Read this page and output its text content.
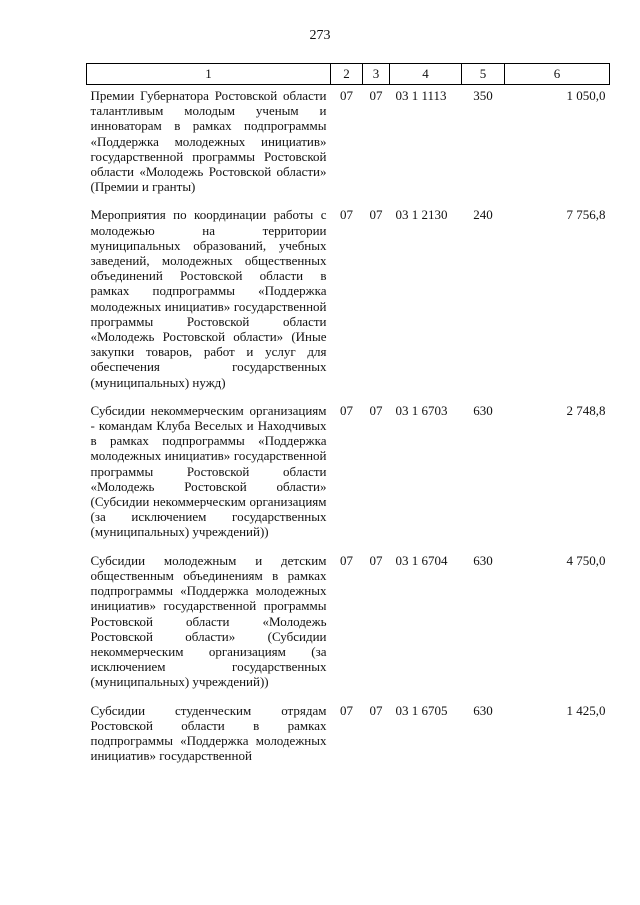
273
1	2	3	4	5	6
Премии Губернатора Ростовской области талантливым молодым ученым и инноваторам в рамках подпрограммы «Поддержка молодежных инициатив» государственной программы Ростовской области «Молодежь Ростовской области» (Премии и гранты)	07	07	03 1 1113	350	1 050,0
Мероприятия по координации работы с молодежью на территории муниципальных образований, учебных заведений, молодежных общественных объединений Ростовской области в рамках подпрограммы «Поддержка молодежных инициатив» государственной программы Ростовской области «Молодежь Ростовской области» (Иные закупки товаров, работ и услуг для обеспечения государственных (муниципальных) нужд)	07	07	03 1 2130	240	7 756,8
Субсидии некоммерческим организациям - командам Клуба Веселых и Находчивых в рамках подпрограммы «Поддержка молодежных инициатив» государственной программы Ростовской области «Молодежь Ростовской области» (Субсидии некоммерческим организациям (за исключением государственных (муниципальных) учреждений))	07	07	03 1 6703	630	2 748,8
Субсидии молодежным и детским общественным объединениям в рамках подпрограммы «Поддержка молодежных инициатив» государственной программы Ростовской области «Молодежь Ростовской области» (Субсидии некоммерческим организациям (за исключением государственных (муниципальных) учреждений))	07	07	03 1 6704	630	4 750,0
Субсидии студенческим отрядам Ростовской области в рамках подпрограммы «Поддержка молодежных инициатив» государственной	07	07	03 1 6705	630	1 425,0
